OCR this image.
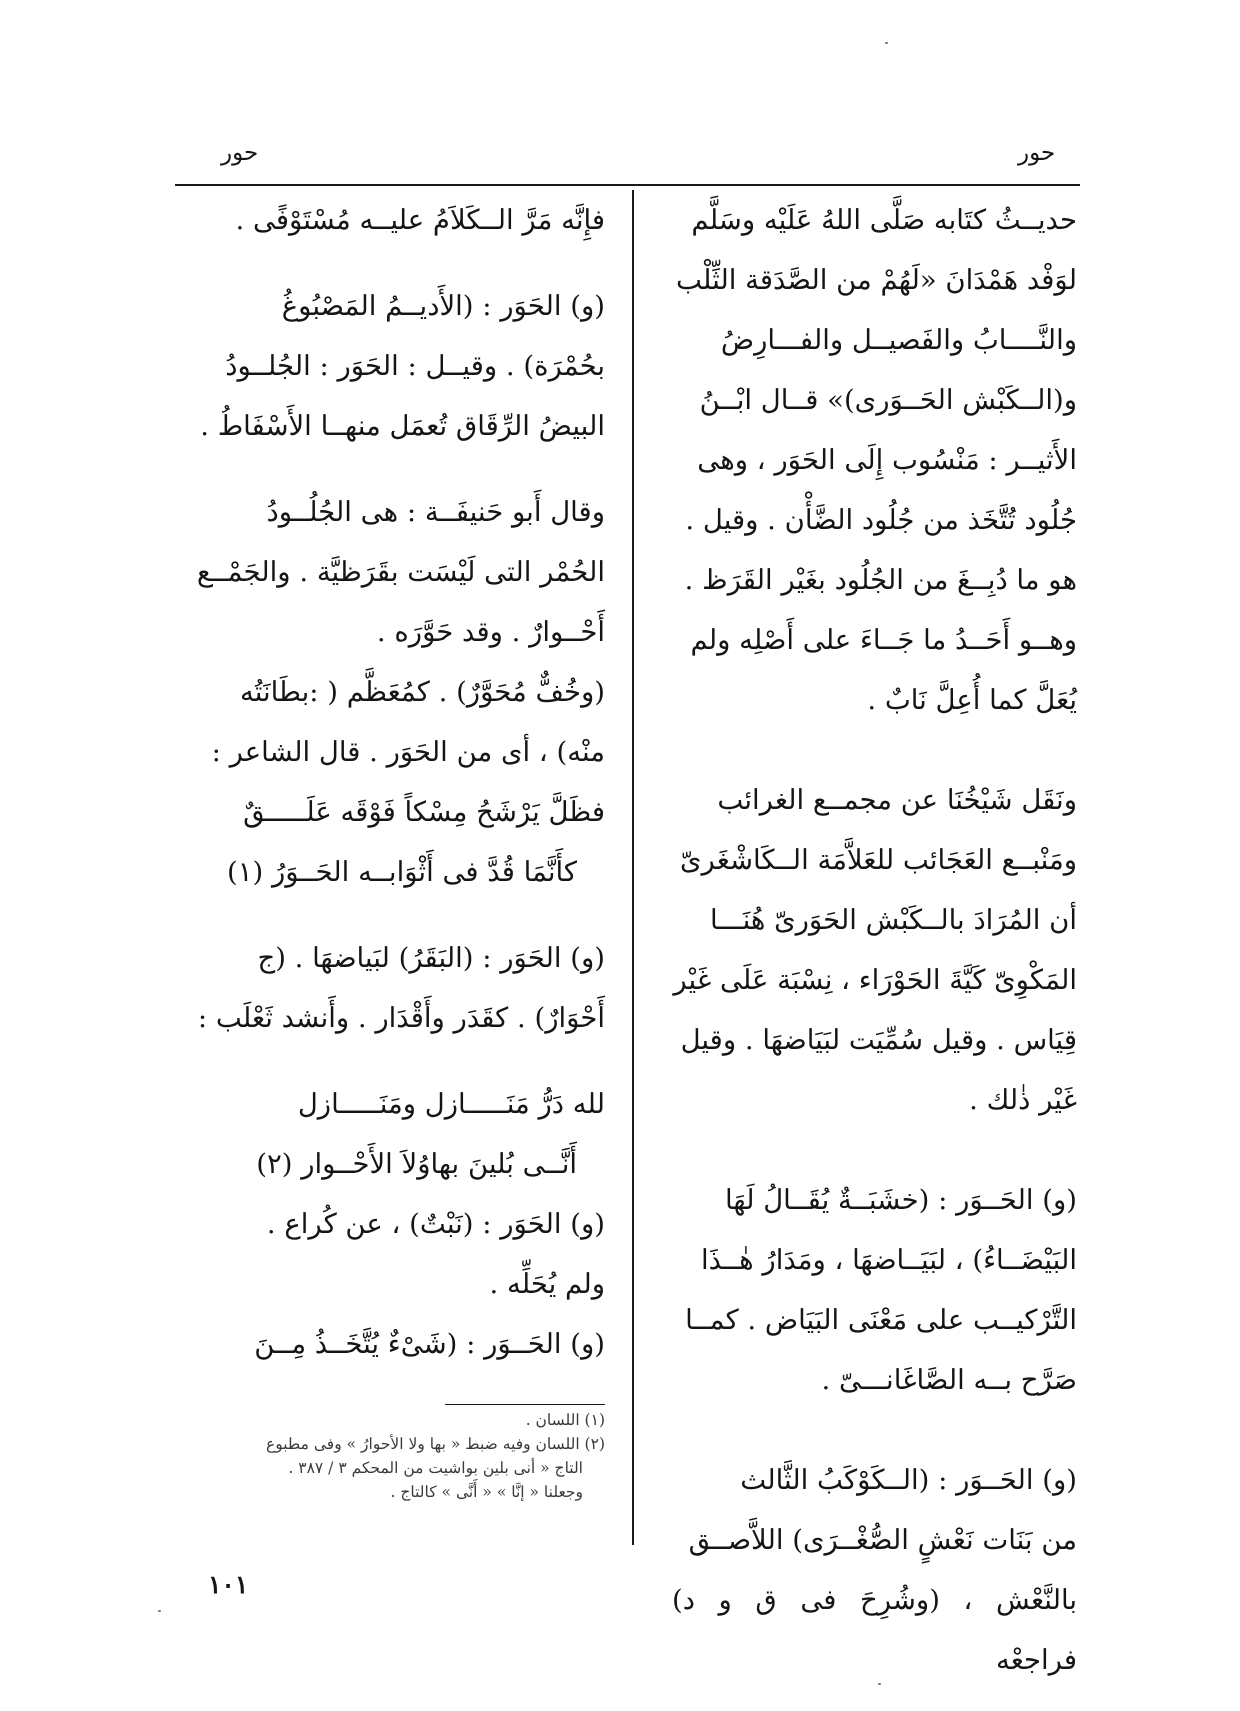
حور
حور
حديــثُ كتَابه صَلَّى اللهُ عَلَيْه وسَلَّم
لوَفْد هَمْدَانَ «لَهُمْ من الصَّدَقة الثِّلْب
والنَّــــابُ والفَصيــل والفـــارِضُ
و(الــكَبْش الحَــوَرى)» قــال ابْــنُ
الأَثيــر : مَنْسُوب إِلَى الحَوَر ، وهى
جُلُود تُتَّخَذ من جُلُود الضَّأْن . وقيل .
هو ما دُبِــغَ من الجُلُود بغَيْر القَرَظ .
وهــو أَحَــدُ ما جَــاءَ على أَصْلِه ولم
يُعَلَّ كما أُعِلَّ نَابٌ .
ونَقَل شَيْخُنَا عن مجمــع الغرائب
ومَنْبــع العَجَائب للعَلاَّمَة الــكَاشْغَرىّ
أن المُرَادَ بالــكَبْش الحَوَرىّ هُنَـــا
المَكْوِىّ كَيَّةَ الحَوْرَاء ، نِسْبَة عَلَى غَيْر
قِيَاس . وقيل سُمِّيَت لبَيَاضهَا . وقيل
غَيْر ذٰلك .
(و) الحَــوَر : (خشَبَــةٌ يُقَــالُ لَهَا
البَيْضَــاءُ) ، لبَيَــاضهَا ، ومَدَارُ هٰــذَا
التَّرْكيــب على مَعْنَى البَيَاض . كمــا
صَرَّح بــه الصَّاغَانـــىّ .
(و) الحَــوَر : (الــكَوْكَبُ الثَّالث
من بَنَات نَعْشٍ الصُّغْــرَى) اللاَّصــق
بالنَّعْش ، (وشُرِحَ فى ق و د) فراجعْه
فإِنَّه مَرَّ الــكَلاَمُ عليــه مُسْتَوْفًى .
(و) الحَوَر : (الأَديــمُ المَصْبُوغُ
بحُمْرَة) . وقيــل : الحَوَر : الجُلــودُ
البيضُ الرِّقَاق تُعمَل منهــا الأَسْفَاطُ .
وقال أَبو حَنيفَــة : هى الجُلُــودُ
الحُمْر التى لَيْسَت بقَرَظيَّة . والجَمْــع
أَحْــوارٌ . وقد حَوَّرَه .
(وخُفٌّ مُحَوَّرٌ) . كمُعَظَّم ( :بطَانَتُه
منْه) ، أى من الحَوَر . قال الشاعر :
فظَلَّ يَرْشَحُ مِسْكاً فَوْقَه عَلَـــــقٌ
كأَنَّمَا قُدَّ فى أَثْوَابــه الحَــوَرُ (١)
(و) الحَوَر : (البَقَرُ) لبَياضهَا . (ج
أَحْوَارٌ) . كقَدَر وأَقْدَار . وأَنشد ثَعْلَب :
لله دَرُّ مَنَـــــازل ومَنَـــــازل
أَنَّــى بُلينَ بهاوُلاَ الأَحْــوار (٢)
(و) الحَوَر : (نَبْتٌ) ، عن كُراع .
ولم يُحَلِّه .
(و) الحَــوَر : (شَىْءٌ يُتَّخَــذُ مِــنَ
(١) اللسان .
(٢) اللسان وفيه ضبط « بها ولا الأحوارُ » وفى مطبوع
التاج « أنى بلين بواشيت من المحكم ٣ / ٣٨٧ .
وجعلنا « إنَّا » « أَنَّى » كالتاج .
١٠١
